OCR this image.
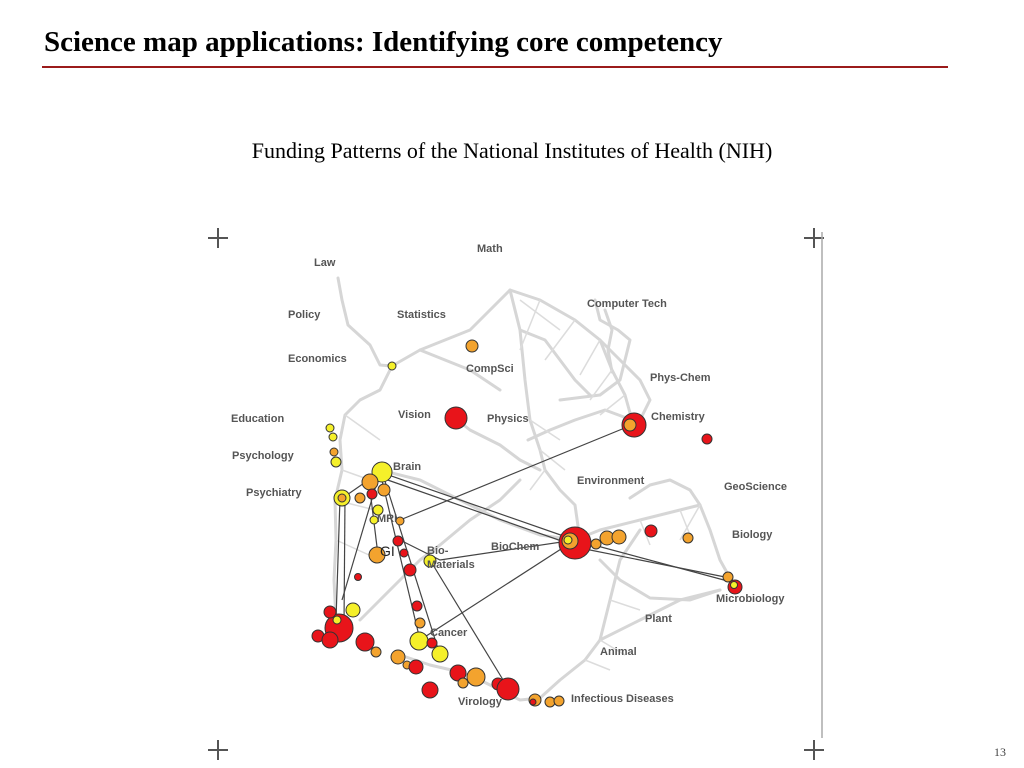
Science map applications: Identifying core competency
Funding Patterns of the National Institutes of Health (NIH)
Math
Law
Computer Tech
Policy	Statistics
Economics
CompSci
Phys-Chem
Vision	Chemistry
Education	Physics
Psychology
Brain
Environment	GeoScience
Psychiatry
MRI
Biology
BioChem
Bio-
Materials
GI
Microbiology
Plant
Cancer
Animal
Infectious Diseases
Virology
13
